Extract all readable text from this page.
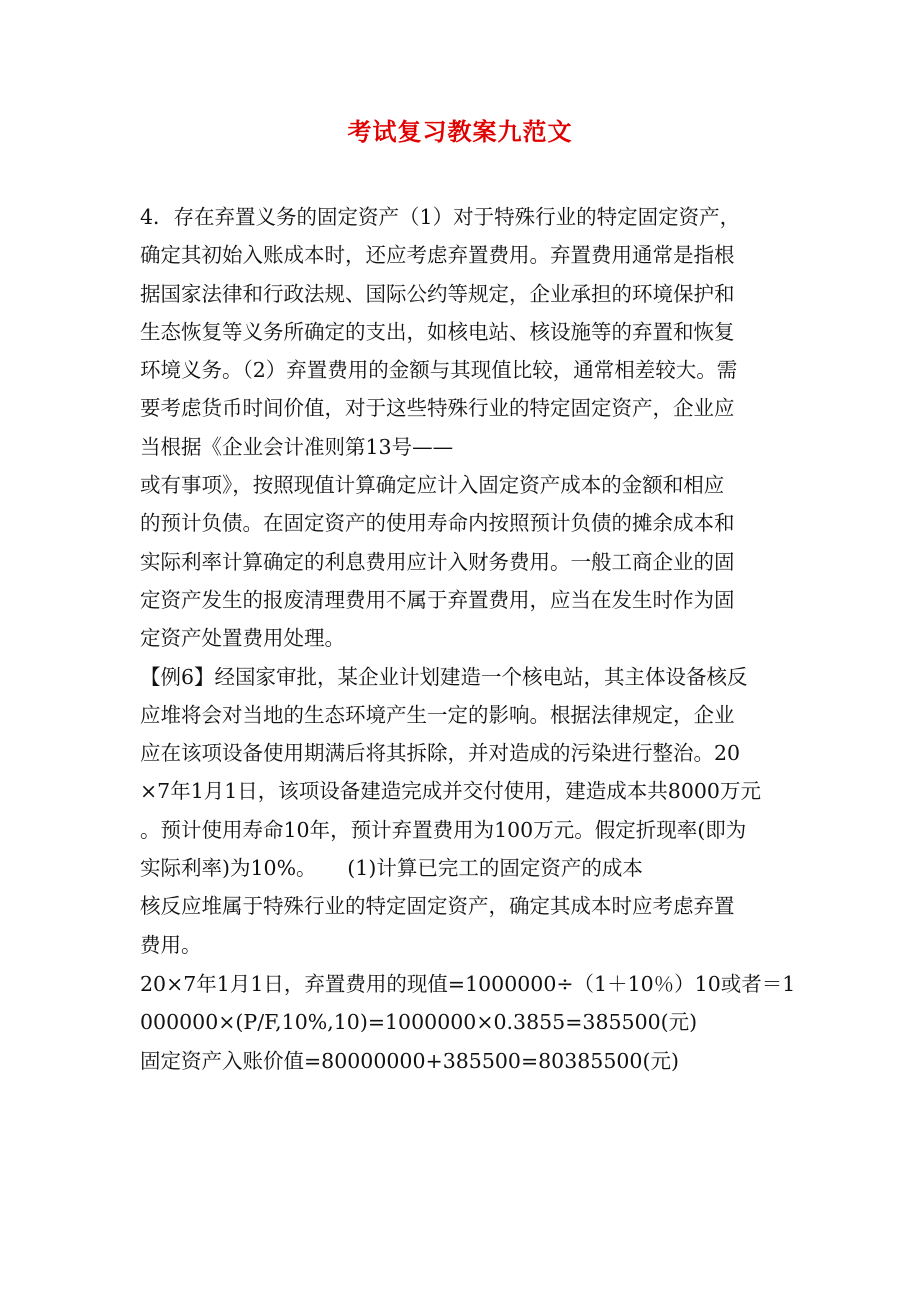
考试复习教案九范文
4．存在弃置义务的固定资产（1）对于特殊行业的特定固定资产，
确定其初始入账成本时，还应考虑弃置费用。弃置费用通常是指根
据国家法律和行政法规、国际公约等规定，企业承担的环境保护和
生态恢复等义务所确定的支出，如核电站、核设施等的弃置和恢复
环境义务。（2）弃置费用的金额与其现值比较，通常相差较大。需
要考虑货币时间价值，对于这些特殊行业的特定固定资产，企业应
当根据《企业会计准则第13号——
或有事项》，按照现值计算确定应计入固定资产成本的金额和相应
的预计负债。在固定资产的使用寿命内按照预计负债的摊余成本和
实际利率计算确定的利息费用应计入财务费用。一般工商企业的固
定资产发生的报废清理费用不属于弃置费用，应当在发生时作为固
定资产处置费用处理。
【例6】经国家审批，某企业计划建造一个核电站，其主体设备核反
应堆将会对当地的生态环境产生一定的影响。根据法律规定，企业
应在该项设备使用期满后将其拆除，并对造成的污染进行整治。20
×7年1月1日，该项设备建造完成并交付使用，建造成本共8000万元
。预计使用寿命10年，预计弃置费用为100万元。假定折现率(即为
实际利率)为10%。　　(1)计算已完工的固定资产的成本
核反应堆属于特殊行业的特定固定资产，确定其成本时应考虑弃置
费用。
20×7年1月1日，弃置费用的现值=1000000÷（1＋10％）10或者＝1
000000×(P/F,10%,10)=1000000×0.3855=385500(元)
固定资产入账价值=80000000+385500=80385500(元)
